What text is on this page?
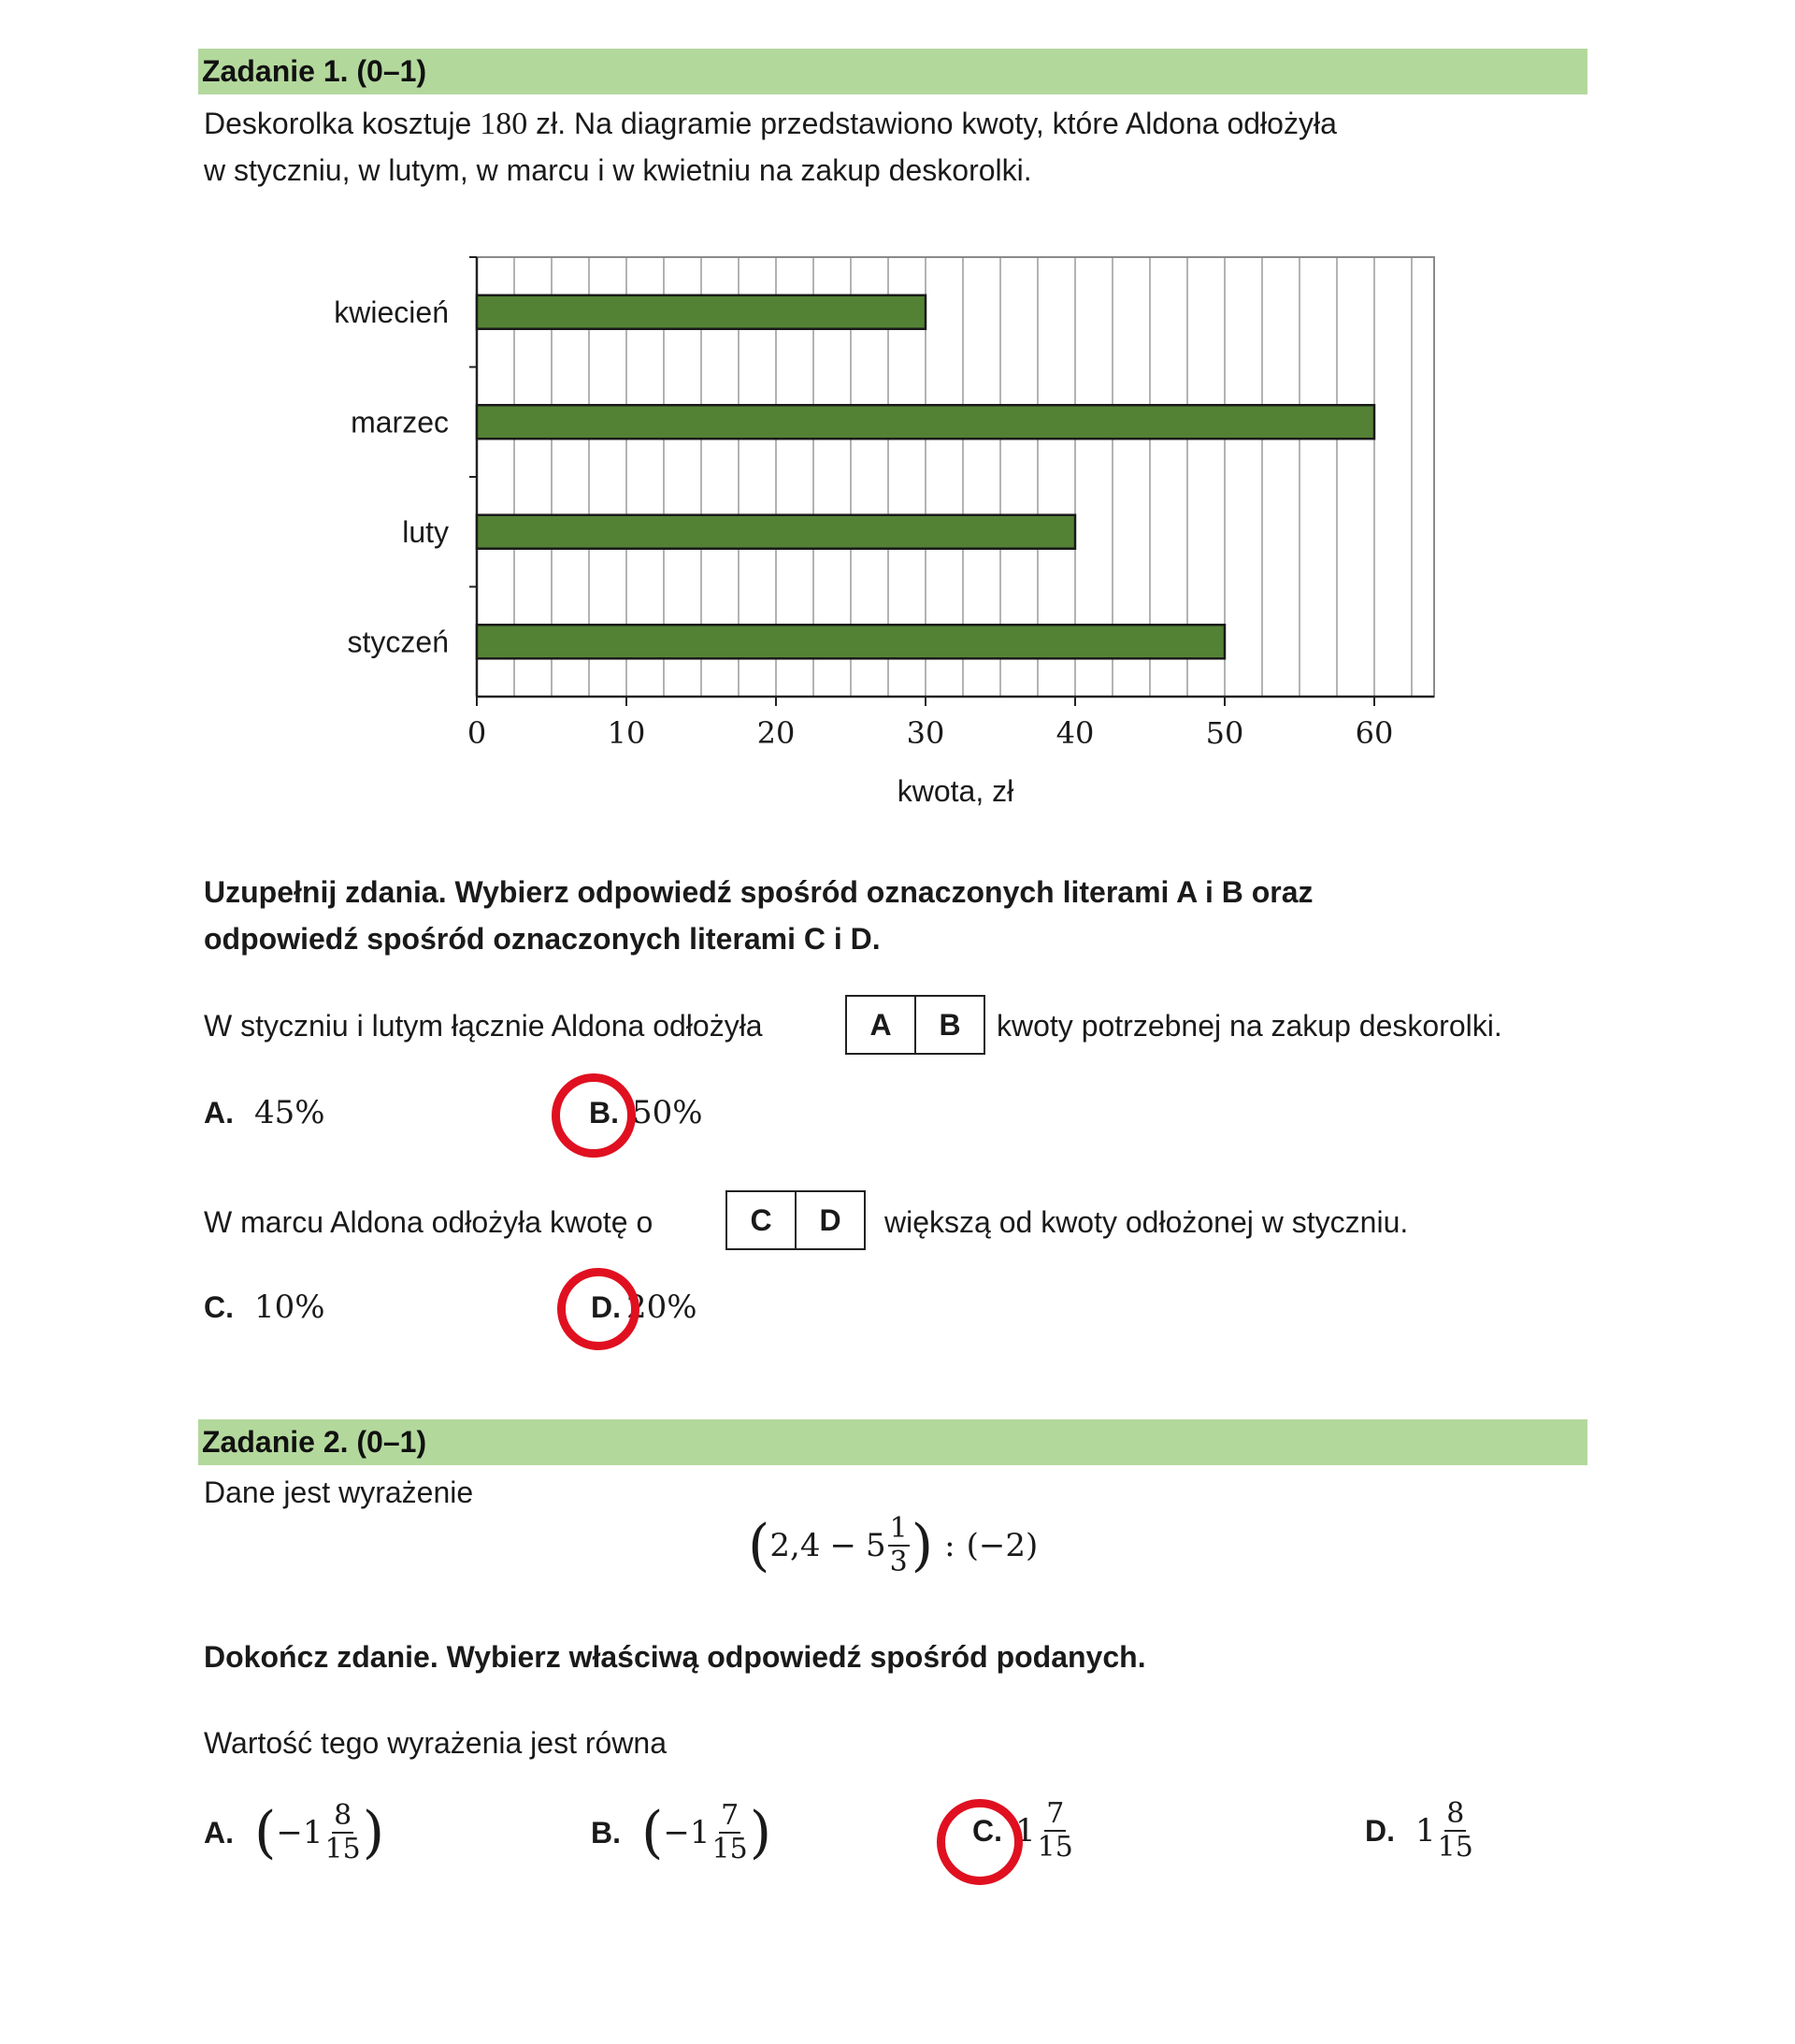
Zadanie 1. (0–1)
Deskorolka kosztuje 180 zł. Na diagramie przedstawiono kwoty, które Aldona odłożyła
w styczniu, w lutym, w marcu i w kwietniu na zakup deskorolki.
0	10	20	30	40	50	60
kwiecień
marzec
luty
styczeń
kwota, zł
Uzupełnij zdania. Wybierz odpowiedź spośród oznaczonych literami A i B oraz
odpowiedź spośród oznaczonych literami C i D.
W styczniu i lutym łącznie Aldona odłożyła	A	B	kwoty potrzebnej na zakup deskorolki.
A. 45%	B. 50%
W marcu Aldona odłożyła kwotę o	C	D	większą od kwoty odłożonej w styczniu.
C. 10%	D. 20%
Zadanie 2. (0–1)
Dane jest wyrażenie
($2,4 - 5 \frac{1}{3}$ ) : (−2)
Dokończ zdanie. Wybierz właściwą odpowiedź spośród podanych.
Wartość tego wyrażenia jest równa
A. ( $-1 \frac{8}{15}$ )	B. ( $-1 \frac{7}{15}$ )	C. $1 \frac{7}{15}$	D. $1 \frac{8}{15}$
